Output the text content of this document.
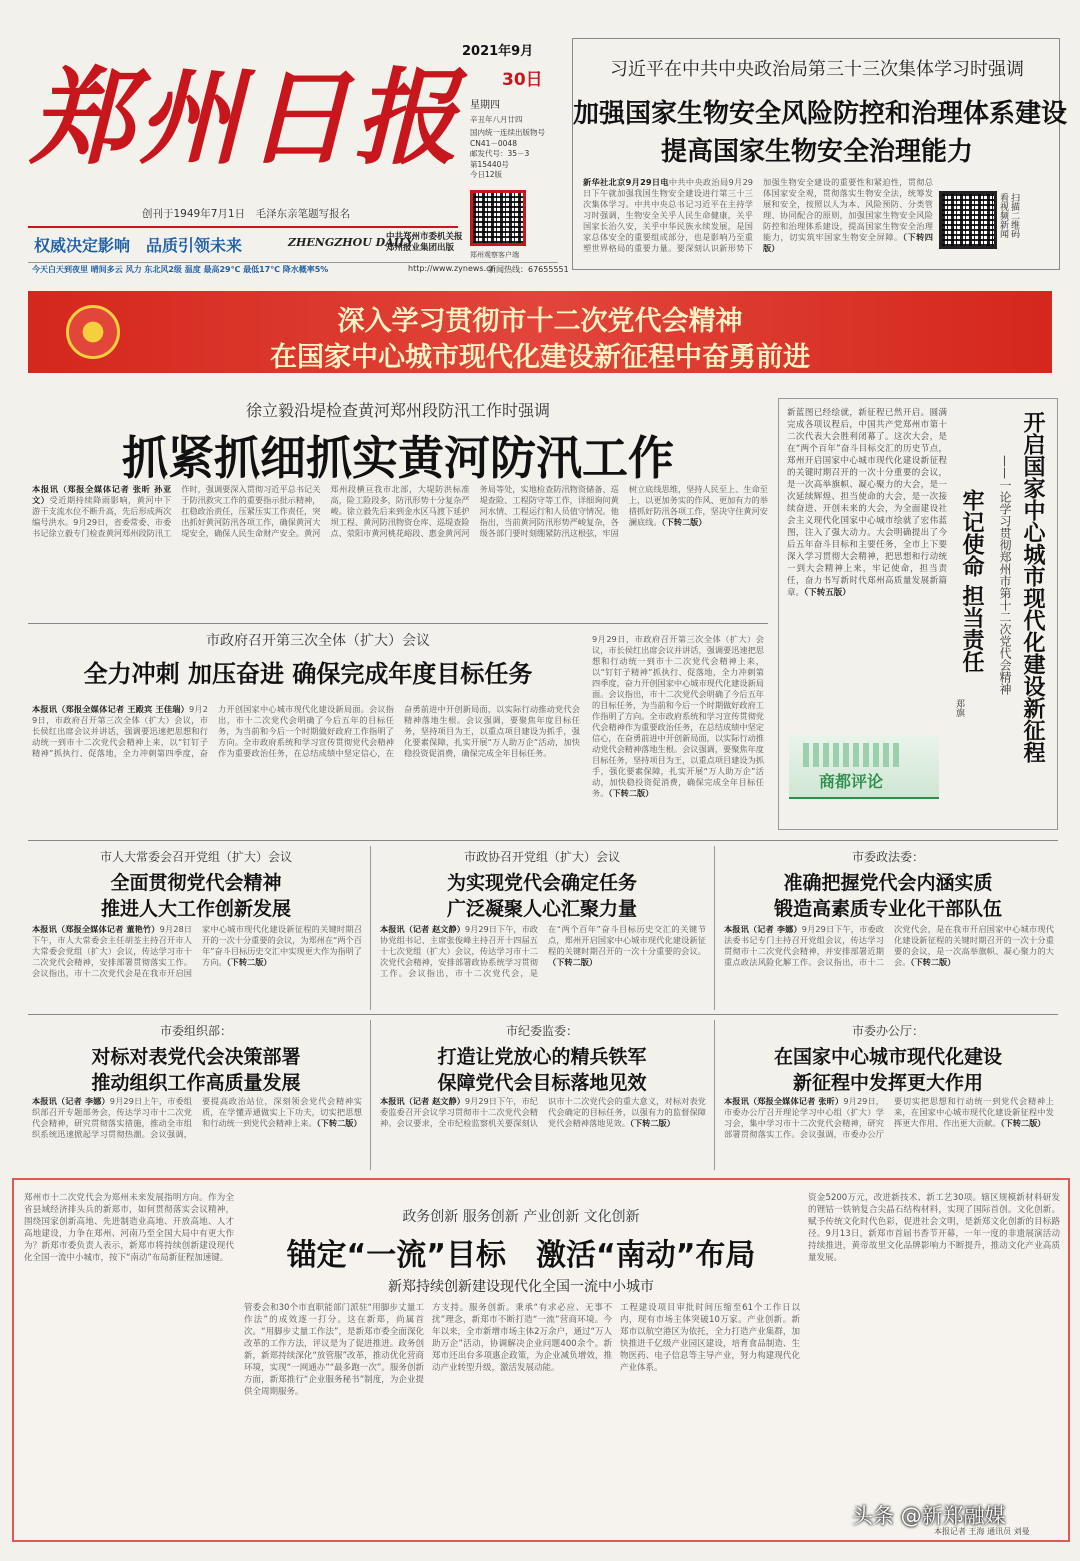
郑州日报
创刊于1949年7月1日　毛泽东亲笔题写报名
权威决定影响　品质引领未来	ZHENGZHOU DAILY
中共郑州市委机关报
郑州报业集团出版
2021年9月
30日
星期四
辛丑年八月廿四
国内统一连续出版物号
CN41－0048
邮发代号：35－3
第15440号
今日12版
郑州观察客户端
今天白天到夜里 晴间多云 风力 东北风2级 温度 最高29℃ 最低17℃ 降水概率5%	http://www.zynews.cn
新闻热线：67655551
习近平在中共中央政治局第三十三次集体学习时强调
加强国家生物安全风险防控和治理体系建设
提高国家生物安全治理能力
新华社北京9月29日电中共中央政治局9月29日下午就加强我国生物安全建设进行第三十三次集体学习。中共中央总书记习近平在主持学习时强调，生物安全关乎人民生命健康，关乎国家长治久安，关乎中华民族永续发展，是国家总体安全的重要组成部分，也是影响乃至重塑世界格局的重要力量。要深刻认识新形势下加强生物安全建设的重要性和紧迫性，贯彻总体国家安全观，贯彻落实生物安全法，统筹发展和安全，按照以人为本、风险预防、分类管理、协同配合的原则，加强国家生物安全风险防控和治理体系建设，提高国家生物安全治理能力，切实筑牢国家生物安全屏障。（下转四版）
扫描二维码
看视频新闻
深入学习贯彻市十二次党代会精神
在国家中心城市现代化建设新征程中奋勇前进
徐立毅沿堤检查黄河郑州段防汛工作时强调
抓紧抓细抓实黄河防汛工作
本报讯（郑报全媒体记者 张昕 孙亚文）受近期持续降雨影响，黄河中下游干支流水位不断升高，先后形成两次编号洪水。9月29日，省委常委、市委书记徐立毅专门检查黄河郑州段防汛工作时，强调要深入贯彻习近平总书记关于防汛救灾工作的重要指示批示精神，扛稳政治责任，压紧压实工作责任，突出抓好黄河防汛各项工作，确保黄河大堤安全，确保人民生命财产安全。黄河郑州段横亘我市北部，大堤防洪标准高，险工险段多，防汛形势十分复杂严峻。徐立毅先后来到金水区马渡下延护坝工程、黄河防汛物资仓库、巡堤查险点、荥阳市黄河桃花峪段、惠金黄河河务局等处，实地检查防汛物资储备、巡堤查险、工程防守等工作，详细询问黄河水情、工程运行和人员值守情况。他指出，当前黄河防汛形势严峻复杂，各级各部门要时刻绷紧防汛这根弦，牢固树立底线思维，坚持人民至上、生命至上，以更加务实的作风、更加有力的举措抓好防汛各项工作，坚决守住黄河安澜底线。（下转二版）
市政府召开第三次全体（扩大）会议
全力冲刺 加压奋进 确保完成年度目标任务
本报讯（郑报全媒体记者 王殿宾 王佳瑞）9月29日，市政府召开第三次全体（扩大）会议，市长侯红出席会议并讲话，强调要迅速把思想和行动统一到市十二次党代会精神上来，以“钉钉子精神”抓执行、促落地，全力冲刺第四季度，奋力开创国家中心城市现代化建设新局面。会议指出，市十二次党代会明确了今后五年的目标任务，为当前和今后一个时期做好政府工作指明了方向。全市政府系统和学习宣传贯彻党代会精神作为重要政治任务，在总结成绩中坚定信心，在奋勇前进中开创新局面，以实际行动推动党代会精神落地生根。会议强调，要聚焦年度目标任务，坚持项目为王，以重点项目建设为抓手，强化要素保障，扎实开展“万人助万企”活动，加快稳投资促消费，确保完成全年目标任务。
9月29日，市政府召开第三次全体（扩大）会议，市长侯红出席会议并讲话，强调要迅速把思想和行动统一到市十二次党代会精神上来，以“钉钉子精神”抓执行、促落地，全力冲刺第四季度，奋力开创国家中心城市现代化建设新局面。会议指出，市十二次党代会明确了今后五年的目标任务，为当前和今后一个时期做好政府工作指明了方向。全市政府系统和学习宣传贯彻党代会精神作为重要政治任务，在总结成绩中坚定信心，在奋勇前进中开创新局面，以实际行动推动党代会精神落地生根。会议强调，要聚焦年度目标任务，坚持项目为王，以重点项目建设为抓手，强化要素保障，扎实开展“万人助万企”活动，加快稳投资促消费，确保完成全年目标任务。（下转二版）
新蓝图已经绘就，新征程已然开启。圆满完成各项议程后，中国共产党郑州市第十二次代表大会胜利闭幕了。这次大会，是在“两个百年”奋斗目标交汇的历史节点，郑州开启国家中心城市现代化建设新征程的关键时期召开的一次十分重要的会议，是一次高举旗帜、凝心聚力的大会，是一次延续辉煌、担当使命的大会，是一次接续奋进、开创未来的大会，为全面建设社会主义现代化国家中心城市绘就了宏伟蓝图，注入了强大动力。大会明确提出了今后五年奋斗目标和主要任务，全市上下要深入学习贯彻大会精神，把思想和行动统一到大会精神上来，牢记使命，担当责任，奋力书写新时代郑州高质量发展新篇章。（下转五版）	开启国家中心城市现代化建设新征程
——一论学习贯彻郑州市第十二次党代会精神
牢记使命 担当责任
郑旗
商都评论
市人大常委会召开党组（扩大）会议
全面贯彻党代会精神
推进人大工作创新发展
本报讯（郑报全媒体记者 董艳竹）9月28日下午，市人大常委会主任胡荃主持召开市人大常委会党组（扩大）会议，传达学习市十二次党代会精神，安排部署贯彻落实工作。会议指出，市十二次党代会是在我市开启国家中心城市现代化建设新征程的关键时期召开的一次十分重要的会议，为郑州在“两个百年”奋斗目标历史交汇中实现更大作为指明了方向。（下转二版）
市政协召开党组（扩大）会议
为实现党代会确定任务
广泛凝聚人心汇聚力量
本报讯（记者 赵文静）9月29日下午，市政协党组书记、主席张俊峰主持召开十四届五十七次党组（扩大）会议，传达学习市十二次党代会精神，安排部署政协系统学习贯彻工作。会议指出，市十二次党代会，是在“两个百年”奋斗目标历史交汇的关键节点，郑州开启国家中心城市现代化建设新征程的关键时期召开的一次十分重要的会议。（下转二版）
市委政法委：
准确把握党代会内涵实质
锻造高素质专业化干部队伍
本报讯（记者 李娜）9月29日下午，市委政法委书记专门主持召开党组会议，传达学习贯彻市十二次党代会精神，并安排部署近期重点政法风险化解工作。会议指出，市十二次党代会，是在我市开启国家中心城市现代化建设新征程的关键时期召开的一次十分重要的会议，是一次高举旗帜、凝心聚力的大会。（下转二版）
市委组织部：
对标对表党代会决策部署
推动组织工作高质量发展
本报讯（记者 李娜）9月29日上午，市委组织部召开专题部务会，传达学习市十二次党代会精神，研究贯彻落实措施，推动全市组织系统迅速掀起学习贯彻热潮。会议强调，要提高政治站位，深刻领会党代会精神实质，在学懂弄通做实上下功夫，切实把思想和行动统一到党代会精神上来。（下转二版）
市纪委监委：
打造让党放心的精兵铁军
保障党代会目标落地见效
本报讯（记者 赵文静）9月29日下午，市纪委监委召开会议学习贯彻市十二次党代会精神。会议要求，全市纪检监察机关要深刻认识市十二次党代会的重大意义，对标对表党代会确定的目标任务，以强有力的监督保障党代会精神落地见效。（下转二版）
市委办公厅：
在国家中心城市现代化建设
新征程中发挥更大作用
本报讯（郑报全媒体记者 张昕）9月29日，市委办公厅召开理论学习中心组（扩大）学习会，集中学习市十二次党代会精神，研究部署贯彻落实工作。会议强调，市委办公厅要切实把思想和行动统一到党代会精神上来，在国家中心城市现代化建设新征程中发挥更大作用、作出更大贡献。（下转二版）
郑州市十二次党代会为郑州未来发展指明方向。作为全省县域经济排头兵的新郑市，如何贯彻落实会议精神，围绕国家创新高地、先进制造业高地、开放高地、人才高地建设，力争在郑州、河南乃至全国大局中有更大作为？新郑市委负责人表示，新郑市将持续创新建设现代化全国一流中小城市，按下“南动”布局新征程加速键。
政务创新 服务创新 产业创新 文化创新
锚定“一流”目标　激活“南动”布局
新郑持续创新建设现代化全国一流中小城市
管委会和30个市直职能部门派驻“用脚步丈量工作法”的成效逐一打分。这在新郑，尚属首次。“用脚步丈量工作法”，是新郑市委全面深化改革的工作方法，评议是为了促进推进。政务创新，新郑持续深化“放管服”改革，推动优化营商环境，实现“一网通办”“最多跑一次”。服务创新方面，新郑推行“企业服务秘书”制度，为企业提供全周期服务。
方支持。服务创新。秉承“有求必应、无事不扰”理念，新郑市不断打造“一流”营商环境。今年以来，全市新增市场主体2万余户，通过“万人助万企”活动，协调解决企业问题400余个。新郑市还出台多项惠企政策，为企业减负增效，推动产业转型升级，激活发展动能。
工程建设项目审批时间压缩至61个工作日以内，现有市场主体突破10万家。产业创新。新郑市以航空港区为依托，全力打造产业集群，加快推进千亿级产业园区建设，培育食品制造、生物医药、电子信息等主导产业，努力构建现代化产业体系。
资金5200万元，改进新技术、新工艺30项。辖区规模新材料研发的锂钴一铁钠复合尖晶石结构材料，实现了国际首创。文化创新。赋予传统文化时代色彩，促进社会文明，是新郑文化创新的目标路径。9月13日，新郑市首届书香节开幕，一年一度的非遗展演活动持续推进，黄帝故里文化品牌影响力不断提升，推动文化产业高质量发展。
本报记者 王海 通讯员 刘曼
头条 @新郑融媒
